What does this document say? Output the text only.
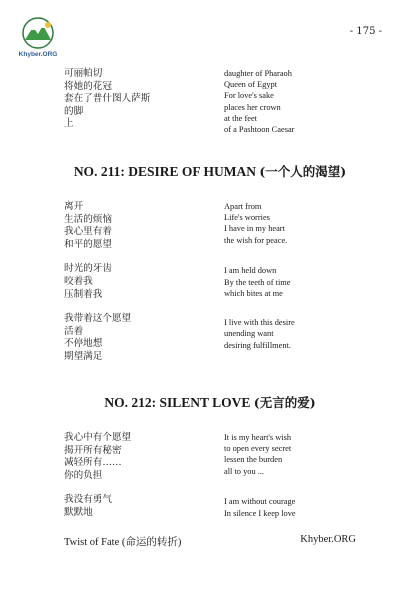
Khyber.ORG
- 175 -
可丽帕切
将她的花冠
套在了普什图人萨斯
的脚
上
daughter of Pharaoh
Queen of Egypt
For love's sake
places her crown
at the feet
of a Pashtoon Caesar
NO. 211: DESIRE OF HUMAN (一个人的渴望)
离开
生活的烦恼
我心里有着
和平的愿望
时光的牙齿
咬着我
压制着我
我带着这个愿望
活着
不停地想
期望满足
Apart from
Life's worries
I have in my heart
the wish for peace.
I am held down
By the teeth of time
which bites at me
I live with this desire
unending want
desiring fulfillment.
NO. 212: SILENT LOVE (无言的爱)
我心中有个愿望
揭开所有秘密
减轻所有……
你的负担
我没有勇气
默默地
It is my heart's wish
to open every secret
lessen the burden
all to you ...
I am without courage
In silence I keep love
Twist of Fate (命运的转折)	Khyber.ORG
